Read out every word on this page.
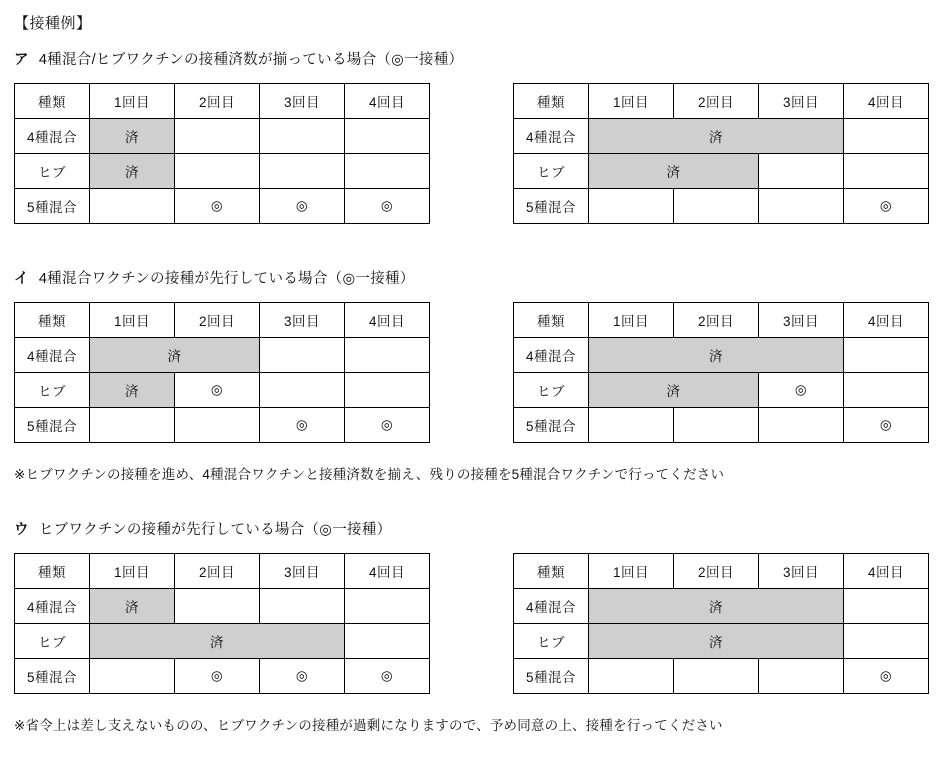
【接種例】
ア 4種混合/ヒブワクチンの接種済数が揃っている場合（◎一接種）
種類	1回目	2回目	3回目	4回目
4種混合	済			
ヒブ	済			
5種混合		◎	◎	◎
種類	1回目	2回目	3回目	4回目
4種混合	済			
ヒブ	済			
5種混合				◎
イ 4種混合ワクチンの接種が先行している場合（◎一接種）
種類	1回目	2回目	3回目	4回目
4種混合	済			
ヒブ	済	◎		
5種混合			◎	◎
種類	1回目	2回目	3回目	4回目
4種混合	済			
ヒブ	済		◎	
5種混合				◎
※ヒブワクチンの接種を進め、4種混合ワクチンと接種済数を揃え、残りの接種を5種混合ワクチンで行ってください
ウ ヒブワクチンの接種が先行している場合（◎一接種）
種類	1回目	2回目	3回目	4回目
4種混合	済			
ヒブ	済			
5種混合		◎	◎	◎
種類	1回目	2回目	3回目	4回目
4種混合	済			
ヒブ	済			
5種混合				◎
※省令上は差し支えないものの、ヒブワクチンの接種が過剰になりますので、予め同意の上、接種を行ってください
